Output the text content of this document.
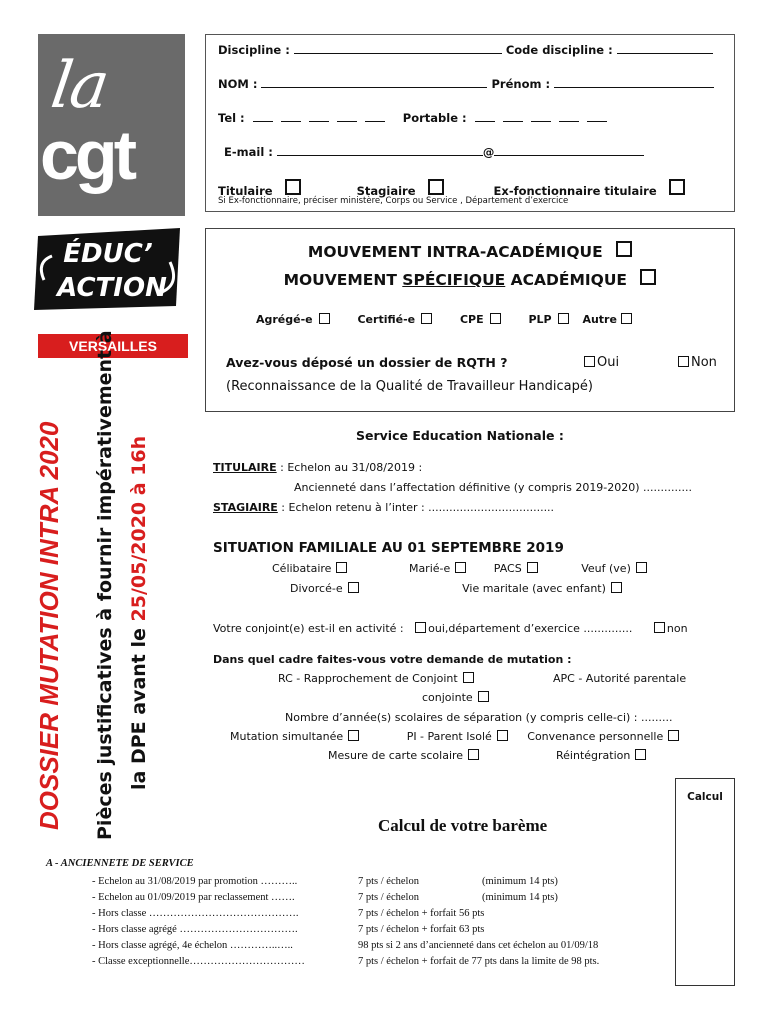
la
cgt
ÉDUC’
ACTION
VERSAILLES
DOSSIER MUTATION INTRA 2020 Pièces justificatives à fournir impérativement à la DPE avant le 25/05/2020 à 16h
Discipline :	Code discipline :
NOM :	Prénom :
Tel :	Portable :
E-mail :	@
Titulaire	Stagiaire	Ex-fonctionnaire titulaire
Si Ex-fonctionnaire, préciser ministère, Corps ou Service , Département d’exercice
MOUVEMENT INTRA-ACADÉMIQUE
MOUVEMENT SPÉCIFIQUE ACADÉMIQUE
Agrégé-e	Certifié-e	CPE	PLP	Autre
Avez-vous déposé un dossier de RQTH ?	Oui	Non
(Reconnaissance de la Qualité de Travailleur Handicapé)
Service Education Nationale :
TITULAIRE : Echelon au 31/08/2019 :
Ancienneté dans l’affectation définitive (y compris 2019-2020) ..............
STAGIAIRE : Echelon retenu à l’inter : ....................................
SITUATION FAMILIALE AU 01 SEPTEMBRE 2019
Célibataire	Marié-e	PACS	Veuf (ve)
Divorcé-e	Vie maritale (avec enfant)
Votre conjoint(e) est-il en activité : oui,département d’exercice ..............	non
Dans quel cadre faites-vous votre demande de mutation :
RC - Rapprochement de Conjoint	APC - Autorité parentale
conjointe
Nombre d’année(s) scolaires de séparation (y compris celle-ci) : .........
Mutation simultanée	PI - Parent Isolé	Convenance personnelle
Mesure de carte scolaire	Réintégration
Calcul
Calcul de votre barème
A - ANCIENNETE DE SERVICE
- Echelon au 31/08/2019 par promotion ………..	7 pts / échelon	(minimum 14 pts)
- Echelon au 01/09/2019 par reclassement …….	7 pts / échelon	(minimum 14 pts)
- Hors classe …………………………………….	7 pts / échelon + forfait 56 pts
- Hors classe agrégé …………………………….	7 pts / échelon + forfait 63 pts
- Hors classe agrégé, 4e échelon …………..…..	98 pts si 2 ans d’ancienneté dans cet échelon au 01/09/18
- Classe exceptionnelle……………………………	7 pts / échelon + forfait de 77 pts dans la limite de 98 pts.
